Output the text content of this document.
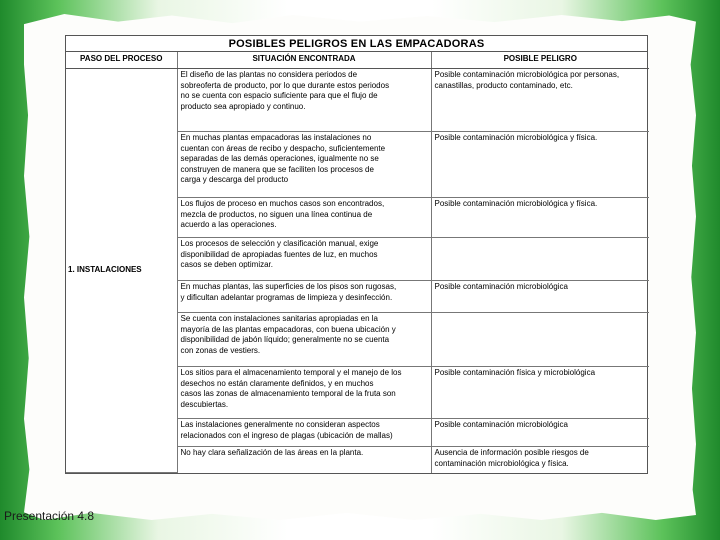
POSIBLES PELIGROS EN LAS EMPACADORAS
PASO DEL PROCESO	SITUACIÓN ENCONTRADA	POSIBLE PELIGRO
1. INSTALACIONES	El diseño de las plantas no considera periodos de
sobreoferta de producto, por lo que durante estos periodos
no se cuenta con espacio suficiente para que el flujo de
producto sea apropiado y continuo.	Posible contaminación microbiológica por personas,
canastillas, producto contaminado, etc.
	En muchas plantas empacadoras las instalaciones no
cuentan con áreas de recibo y despacho, suficientemente
separadas de las demás operaciones, igualmente no se
construyen de manera que se faciliten los procesos de
carga y descarga del producto	Posible contaminación microbiológica y física.
	Los flujos de proceso en muchos casos son encontrados,
mezcla de productos, no siguen una línea continua de
acuerdo a las operaciones.	Posible contaminación microbiológica y física.
	Los procesos de selección y clasificación manual, exige
disponibilidad de apropiadas fuentes de luz, en muchos
casos se deben optimizar.	
	En muchas plantas, las superficies de los pisos son rugosas,
y dificultan adelantar programas de limpieza y desinfección.	Posible contaminación microbiológica
	Se cuenta con instalaciones sanitarias apropiadas en la
mayoría de las plantas empacadoras, con buena ubicación y
disponibilidad de jabón líquido; generalmente no se cuenta
con zonas de vestiers.	
	Los sitios para el almacenamiento temporal y el manejo de los
desechos no están claramente definidos, y en muchos
casos las zonas de almacenamiento temporal de la fruta son
descubiertas.	Posible contaminación física y microbiológica
	Las instalaciones generalmente no consideran aspectos
relacionados con el ingreso de plagas (ubicación de mallas)	Posible contaminación microbiológica
	No hay clara señalización de las áreas en la planta.	Ausencia de información posible riesgos de
contaminación microbiológica y física.
Presentación 4.8
